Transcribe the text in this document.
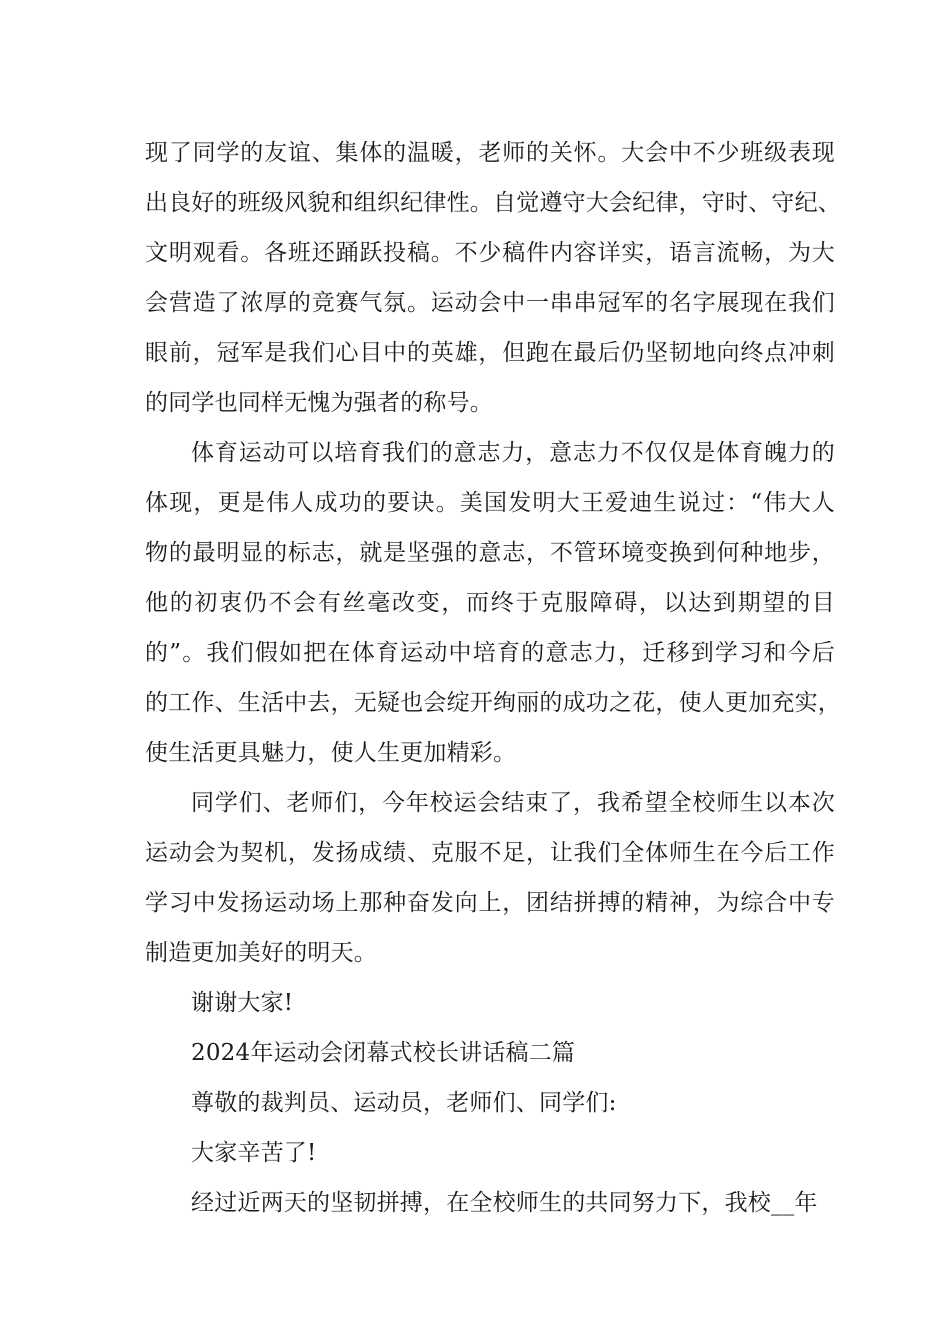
现了同学的友谊、集体的温暖，老师的关怀。大会中不少班级表现
出良好的班级风貌和组织纪律性。自觉遵守大会纪律，守时、守纪、
文明观看。各班还踊跃投稿。不少稿件内容详实，语言流畅，为大
会营造了浓厚的竞赛气氛。运动会中一串串冠军的名字展现在我们
眼前，冠军是我们心目中的英雄，但跑在最后仍坚韧地向终点冲刺
的同学也同样无愧为强者的称号。
体育运动可以培育我们的意志力，意志力不仅仅是体育魄力的
体现，更是伟人成功的要诀。美国发明大王爱迪生说过：“伟大人
物的最明显的标志，就是坚强的意志，不管环境变换到何种地步，
他的初衷仍不会有丝毫改变，而终于克服障碍，以达到期望的目
的”。我们假如把在体育运动中培育的意志力，迁移到学习和今后
的工作、生活中去，无疑也会绽开绚丽的成功之花，使人更加充实，
使生活更具魅力，使人生更加精彩。
同学们、老师们，今年校运会结束了，我希望全校师生以本次
运动会为契机，发扬成绩、克服不足，让我们全体师生在今后工作
学习中发扬运动场上那种奋发向上，团结拼搏的精神，为综合中专
制造更加美好的明天。
谢谢大家!
2024年运动会闭幕式校长讲话稿二篇
尊敬的裁判员、运动员，老师们、同学们:
大家辛苦了!
经过近两天的坚韧拼搏，在全校师生的共同努力下，我校__年
